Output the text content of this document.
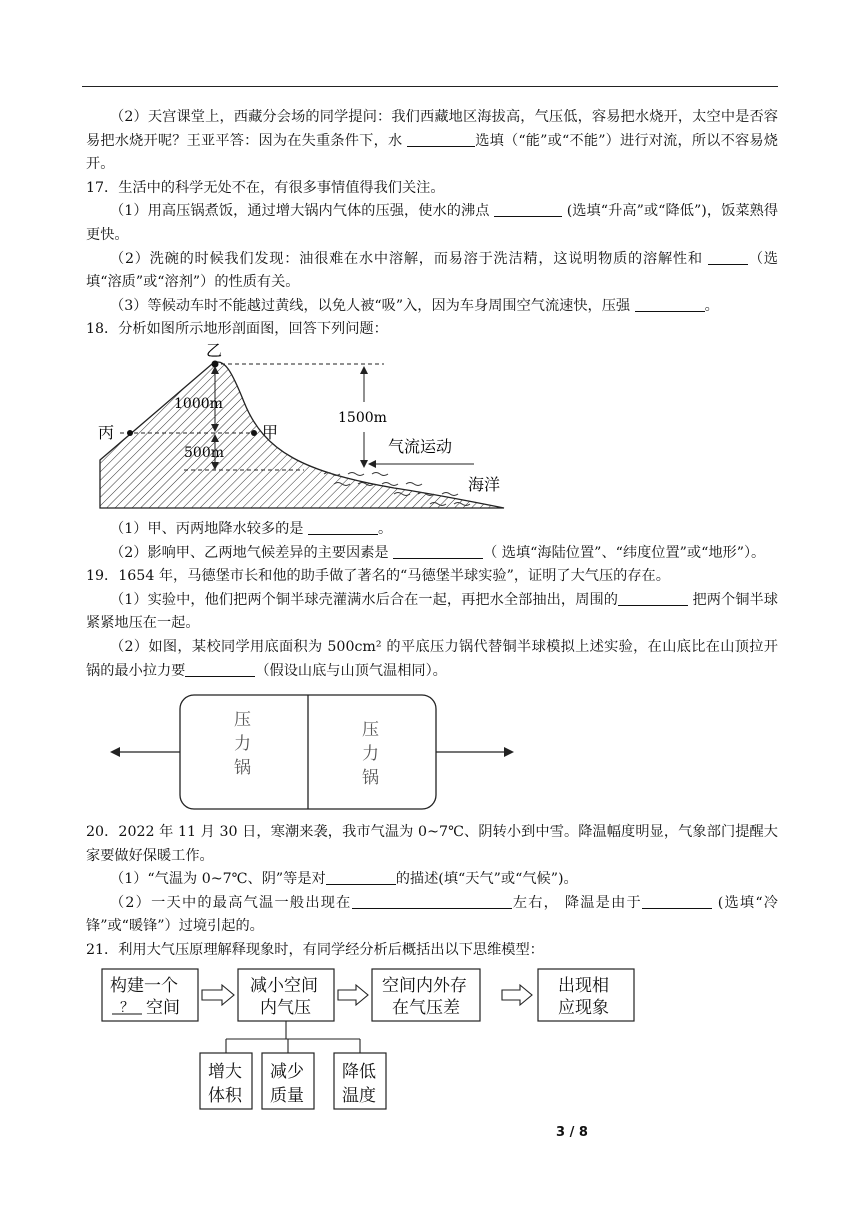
（2）天宫课堂上，西藏分会场的同学提问：我们西藏地区海拔高，气压低，容易把水烧开，太空中是否容易把水烧开呢？王亚平答：因为在失重条件下，水	选填（“能”或“不能”）进行对流，所以不容易烧开。

17．生活中的科学无处不在，有很多事情值得我们关注。

（1）用高压锅煮饭，通过增大锅内气体的压强，使水的沸点	(选填“升高”或“降低”)，饭菜熟得更快。

（2）洗碗的时候我们发现：油很难在水中溶解，而易溶于洗洁精，这说明物质的溶解性和	（选填“溶质”或“溶剂”）的性质有关。

（3）等候动车时不能越过黄线，以免人被“吸”入，因为车身周围空气流速快，压强	。

18．分析如图所示地形剖面图，回答下列问题：

乙
丙	甲
1000m
500m
1500m
气流运动
海洋

（1）甲、丙两地降水较多的是	。

（2）影响甲、乙两地气候差异的主要因素是	（ 选填“海陆位置”、“纬度位置”或“地形”）。

19．1654 年，马德堡市长和他的助手做了著名的“马德堡半球实验”，证明了大气压的存在。

（1）实验中，他们把两个铜半球壳灌满水后合在一起，再把水全部抽出，周围的	把两个铜半球紧紧地压在一起。

（2）如图，某校同学用底面积为 500cm² 的平底压力锅代替铜半球模拟上述实验，在山底比在山顶拉开锅的最小拉力要	（假设山底与山顶气温相同）。

压
力
锅
压
力
锅

20．2022 年 11 月 30 日，寒潮来袭，我市气温为 0~7℃、阴转小到中雪。降温幅度明显，气象部门提醒大家要做好保暖工作。

（1）“气温为 0~7℃、阴”等是对	的描述(填“天气”或“气候”)。

（2）一天中的最高气温一般出现在	左右， 降温是由于	(选填“冷锋”或“暖锋”）过境引起的。

21．利用大气压原理解释现象时，有同学经分析后概括出以下思维模型：

构建一个
？ 空间
减小空间
内气压
空间内外存
在气压差
出现相
应现象
增大
体积
减少
质量
降低
温度
3 / 8
